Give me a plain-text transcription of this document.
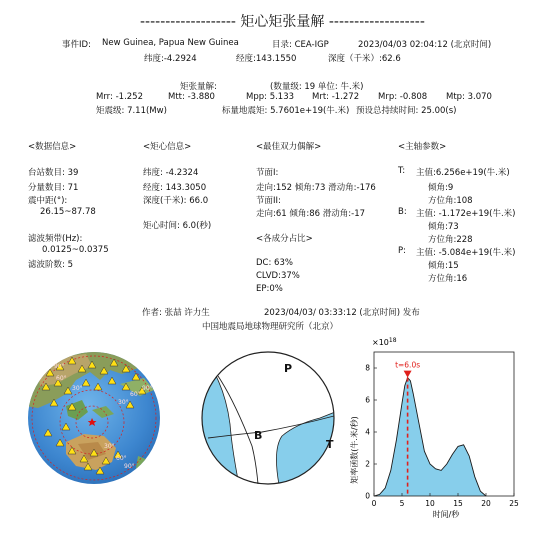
------------------- 矩心矩张量解 -------------------
事件ID: New Guinea, Papua New Guinea	目录: CEA-IGP	2023/04/03 02:04:12 (北京时间)
纬度:-4.2924	经度:143.1550	深度（千米）:62.6
矩张量解:	(数量级: 19 单位: 牛.米)
Mrr: -1.252	Mtt: -3.880	Mpp: 5.133 Mrt: -1.272 Mrp: -0.808 Mtp: 3.070
矩震级: 7.11(Mw)	标量地震矩: 5.7601e+19(牛.米) 预设总持续时间: 25.00(s)
<数据信息>
台站数目: 39
分量数目: 71
震中距(°):
26.15~87.78
滤波频带(Hz):
0.0125~0.0375
滤波阶数: 5
<矩心信息>
纬度: -4.2324
经度: 143.3050
深度(千米): 66.0
矩心时间: 6.0(秒)
<最佳双力偶解>
节面I:
走向:152 倾角:73 滑动角:-176
节面II:
走向:61 倾角:86 滑动角:-17
<各成分占比>
DC: 63%
CLVD:37%
EP:0%
<主轴参数>
T: 主值:6.256e+19(牛.米)
倾角:9
方位角:108
B: 主值: -1.172e+19(牛.米)
倾角:73
方位角:228
P: 主值: -5.084e+19(牛.米)
倾角:15
方位角:16
作者: 张喆 许力生	2023/04/03/ 03:33:12 (北京时间) 发布
中国地震局地球物理研究所（北京）
30°
60°
90°
30°
60°
90°
30°
60°
90°
P
B
T
$\times 10^{18}$
矩率函数(牛.米/秒)
时间/秒
0	5	10 15 20 25
0
2
4
6
8	t=6.0s
